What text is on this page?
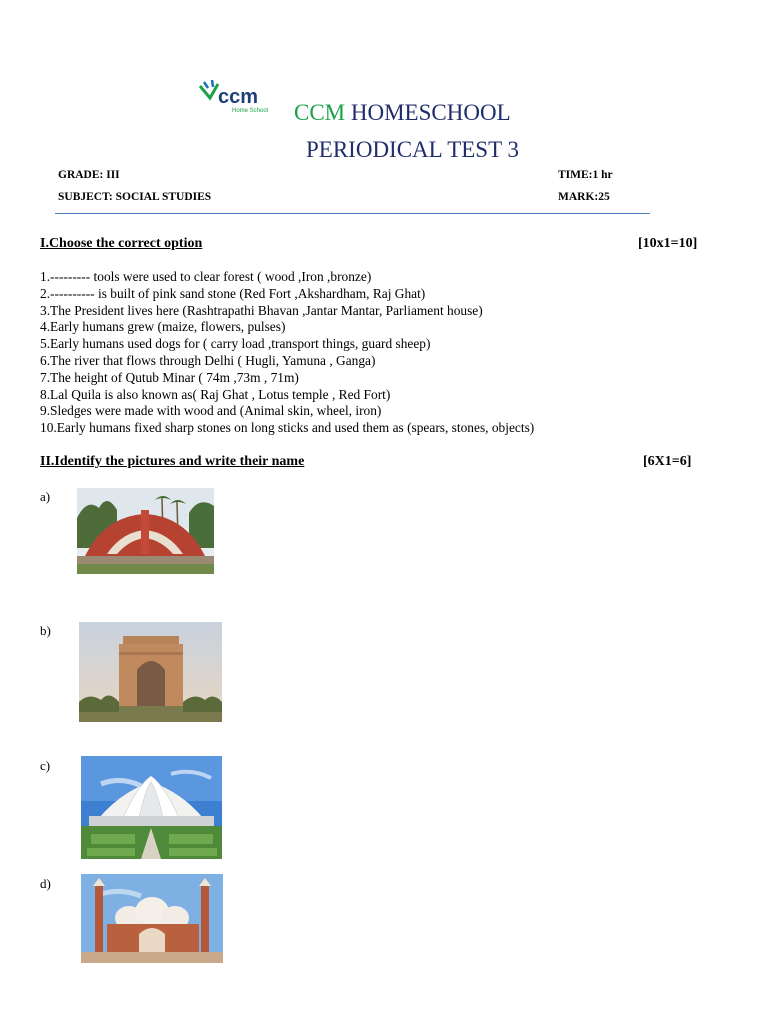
ccm
Home School CCM HOMESCHOOL
PERIODICAL TEST 3
GRADE: III	TIME:1 hr
SUBJECT: SOCIAL STUDIES	MARK:25
I.Choose the correct option	[10x1=10]
1.--------- tools were used to clear forest ( wood ,Iron ,bronze)
2.---------- is built of pink sand stone (Red Fort ,Akshardham, Raj Ghat)
3.The President lives here (Rashtrapathi Bhavan ,Jantar Mantar, Parliament house)
4.Early humans grew (maize, flowers, pulses)
5.Early humans used dogs for ( carry load ,transport things, guard sheep)
6.The river that flows through Delhi ( Hugli, Yamuna , Ganga)
7.The height of Qutub Minar ( 74m ,73m , 71m)
8.Lal Quila is also known as( Raj Ghat , Lotus temple , Red Fort)
9.Sledges were made with wood and (Animal skin, wheel, iron)
10.Early humans fixed sharp stones on long sticks and used them as (spears, stones, objects)
II.Identify the pictures and write their name	[6X1=6]
a)
b)
c)
d)
